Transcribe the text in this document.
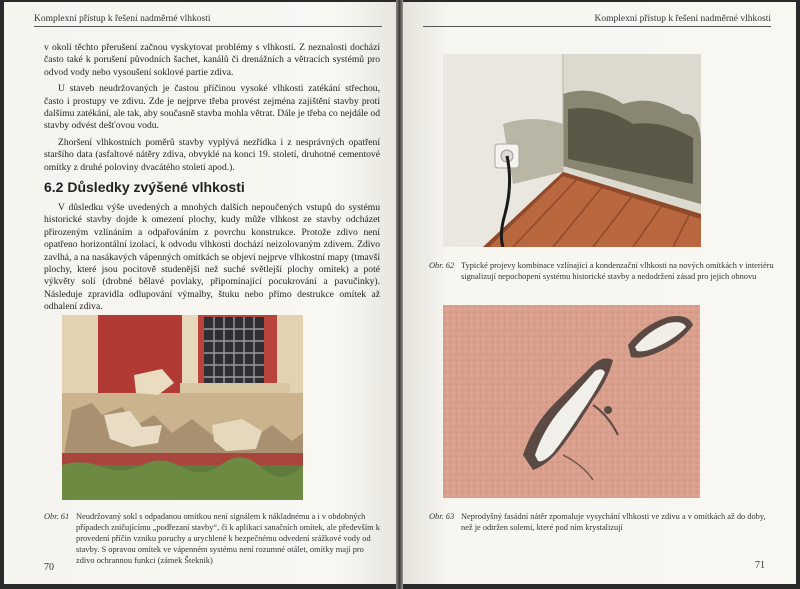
Komplexní přístup k řešení nadměrné vlhkosti

v okolí těchto přerušení začnou vyskytovat problémy s vlhkostí. Z neznalosti dochází často také k porušení původních šachet, kanálů či drenážních a větracích systémů pro odvod vody nebo vysoušení soklové partie zdiva.

U staveb neudržovaných je častou příčinou vysoké vlhkosti zatékání střechou, často i prostupy ve zdivu. Zde je nejprve třeba provést zejména zajištění stavby proti dalšímu zatékání, ale tak, aby současně stavba mohla větrat. Dále je třeba co nejdále od stavby odvést dešťovou vodu.

Zhoršení vlhkostních poměrů stavby vyplývá nezřídka i z nesprávných opatření staršího data (asfaltové nátěry zdiva, obvyklé na konci 19. století, druhotné cementové omítky z druhé poloviny dvacátého století apod.).

6.2 Důsledky zvýšené vlhkosti

V důsledku výše uvedených a mnohých dalších nepoučených vstupů do systému historické stavby dojde k omezení plochy, kudy může vlhkost ze stavby odcházet přirozeným vzlínáním a odpařováním z povrchu konstrukce. Protože zdivo není opatřeno horizontální izolací, k odvodu vlhkosti dochází neizolovaným zdivem. Zdivo zavlhá, a na nasákavých vápenných omítkách se objeví nejprve vlhkostní mapy (tmavší plochy, které jsou pocitově studenější než suché světlejší plochy omítek) a poté výkvěty solí (drobné bělavé povlaky, připomínající pocukrování a pavučinky). Následuje zpravidla odlupování výmalby, štuku nebo přímo destrukce omítek až odhalení zdiva.

Obr. 61 Neudržovaný sokl s odpadanou omítkou není signálem k nákladnému a i v obdobných případech zničujícímu „podřezaní stavby“, či k aplikaci sanačních omítek, ale především k provedení příčin vzniku poruchy a urychlené k bezpečnému odvedení srážkové vody od stavby. S opravou omítek ve vápenném systému není rozumné otálet, omítky mají pro zdivo ochrannou funkci (zámek Šteknik)
70
Komplexní přístup k řešení nadměrné vlhkosti
Obr. 62 Typické projevy kombinace vzlínající a kondenzační vlhkosti na nových omítkách v interiéru signalizují nepochopení systému historické stavby a nedodržení zásad pro jejich obnovu
Obr. 63 Neprodyšný fasádní nátěr zpomaluje vysychání vlhkosti ve zdivu a v omítkách až do doby, než je odtržen solemi, které pod ním krystalizují
71
